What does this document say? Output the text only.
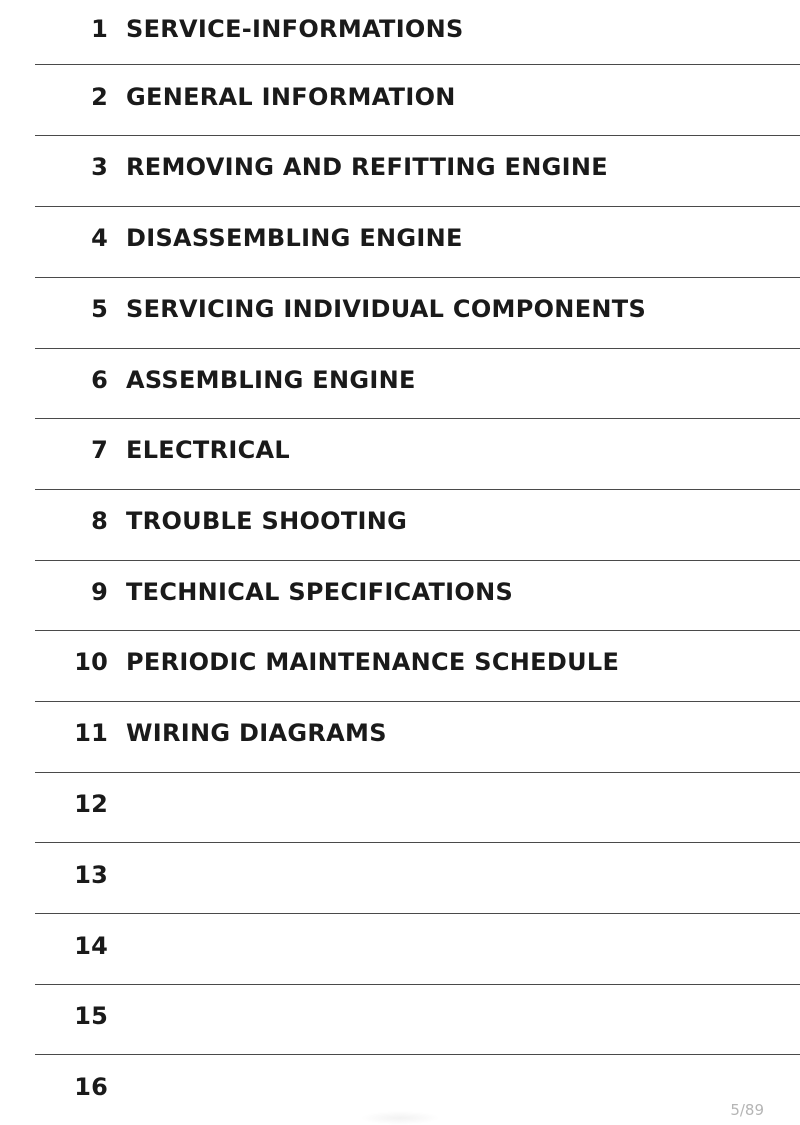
1 SERVICE-INFORMATIONS
2 GENERAL INFORMATION
3 REMOVING AND REFITTING ENGINE
4 DISASSEMBLING ENGINE
5 SERVICING INDIVIDUAL COMPONENTS
6 ASSEMBLING ENGINE
7 ELECTRICAL
8 TROUBLE SHOOTING
9 TECHNICAL SPECIFICATIONS
10 PERIODIC MAINTENANCE SCHEDULE
11 WIRING DIAGRAMS
12
13
14
15
16
5/89
